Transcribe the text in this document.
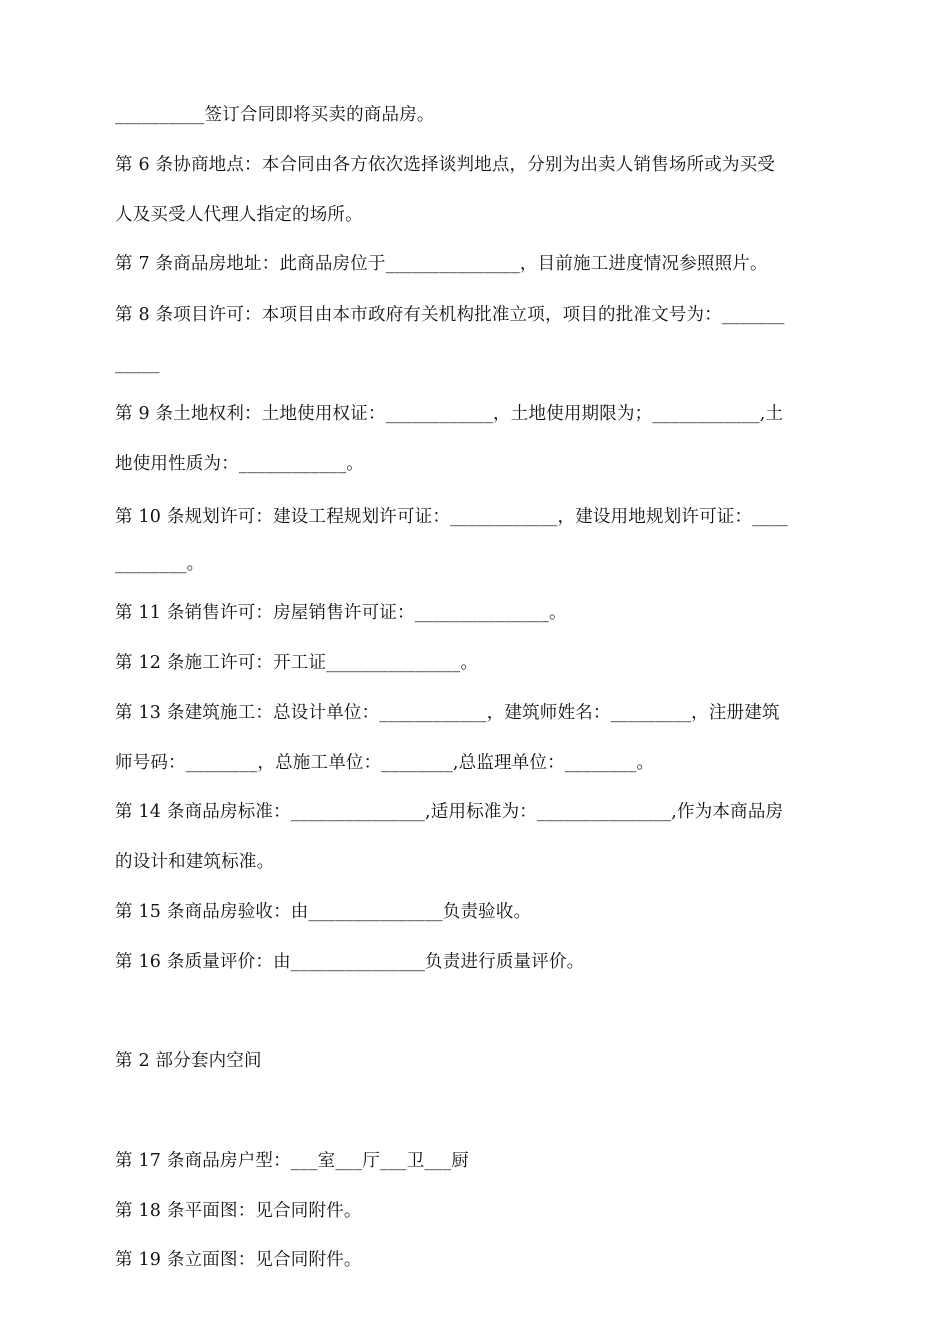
__________签订合同即将买卖的商品房。
第 6 条协商地点：本合同由各方依次选择谈判地点，分别为出卖人销售场所或为买受
人及买受人代理人指定的场所。
第 7 条商品房地址：此商品房位于_______________，目前施工进度情况参照照片。
第 8 条项目许可：本项目由本市政府有关机构批准立项，项目的批准文号为：_______
_____
第 9 条土地权利：土地使用权证：____________，土地使用期限为；____________,土
地使用性质为：____________。
第 10 条规划许可：建设工程规划许可证：____________，建设用地规划许可证：____
________。
第 11 条销售许可：房屋销售许可证：_______________。
第 12 条施工许可：开工证_______________。
第 13 条建筑施工：总设计单位：____________，建筑师姓名：_________，注册建筑
师号码：________，总施工单位：________,总监理单位：________。
第 14 条商品房标准：_______________,适用标准为：_______________,作为本商品房
的设计和建筑标准。
第 15 条商品房验收：由_______________负责验收。
第 16 条质量评价：由_______________负责进行质量评价。
第 2 部分套内空间
第 17 条商品房户型：___室___厅___卫___厨
第 18 条平面图：见合同附件。
第 19 条立面图：见合同附件。
